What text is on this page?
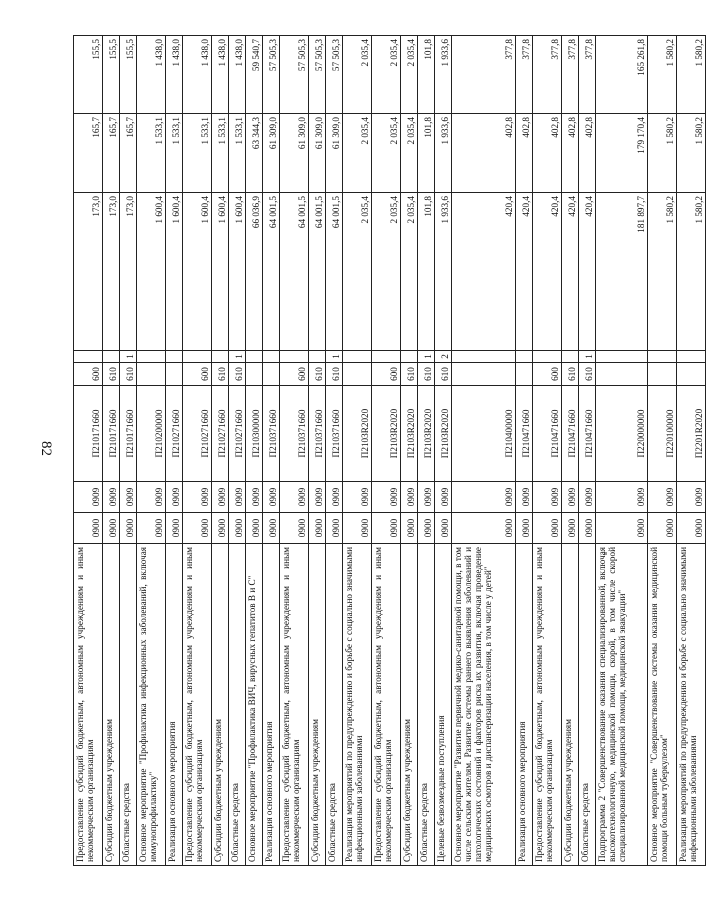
82
Предоставление субсидий бюджетным, автономным учреждениям и иным некоммерческим организациям	0900	0909	П210171660	600		173,0	165,7	155,5
Субсидии бюджетным учреждениям	0900	0909	П210171660	610		173,0	165,7	155,5
Областные средства	0900	0909	П210171660	610	1	173,0	165,7	155,5
Основное мероприятие "Профилактика инфекционных заболеваний, включая иммунопрофилактику"	0900	0909	П210200000			1 600,4	1 533,1	1 438,0
Реализация основного мероприятия	0900	0909	П210271660			1 600,4	1 533,1	1 438,0
Предоставление субсидий бюджетным, автономным учреждениям и иным некоммерческим организациям	0900	0909	П210271660	600		1 600,4	1 533,1	1 438,0
Субсидии бюджетным учреждениям	0900	0909	П210271660	610		1 600,4	1 533,1	1 438,0
Областные средства	0900	0909	П210271660	610	1	1 600,4	1 533,1	1 438,0
Основное мероприятие "Профилактика ВИЧ, вирусных гепатитов В и С"	0900	0909	П210300000			66 036,9	63 344,3	59 540,7
Реализация основного мероприятия	0900	0909	П210371660			64 001,5	61 309,0	57 505,3
Предоставление субсидий бюджетным, автономным учреждениям и иным некоммерческим организациям	0900	0909	П210371660	600		64 001,5	61 309,0	57 505,3
Субсидии бюджетным учреждениям	0900	0909	П210371660	610		64 001,5	61 309,0	57 505,3
Областные средства	0900	0909	П210371660	610	1	64 001,5	61 309,0	57 505,3
Реализация мероприятий по предупреждению и борьбе с социально значимыми инфекционными заболеваниями	0900	0909	П2103R2020			2 035,4	2 035,4	2 035,4
Предоставление субсидий бюджетным, автономным учреждениям и иным некоммерческим организациям	0900	0909	П2103R2020	600		2 035,4	2 035,4	2 035,4
Субсидии бюджетным учреждениям	0900	0909	П2103R2020	610		2 035,4	2 035,4	2 035,4
Областные средства	0900	0909	П2103R2020	610	1	101,8	101,8	101,8
Целевые безвозмездные поступления	0900	0909	П2103R2020	610	2	1 933,6	1 933,6	1 933,6
Основное мероприятие "Развитие первичной медико-санитарной помощи, в том числе сельским жителям. Развитие системы раннего выявления заболеваний и патологических состояний и факторов риска их развития, включая проведение медицинских осмотров и диспансеризации населения, в том числе у детей"	0900	0909	П210400000			420,4	402,8	377,8
Реализация основного мероприятия	0900	0909	П210471660			420,4	402,8	377,8
Предоставление субсидий бюджетным, автономным учреждениям и иным некоммерческим организациям	0900	0909	П210471660	600		420,4	402,8	377,8
Субсидии бюджетным учреждениям	0900	0909	П210471660	610		420,4	402,8	377,8
Областные средства	0900	0909	П210471660	610	1	420,4	402,8	377,8
Подпрограмма 2 "Совершенствование оказания специализированной, включая высокотехнологичную, медицинской помощи, скорой, в том числе скорой специализированной медицинской помощи, медицинской эвакуации"	0900	0909	П220000000			181 897,7	179 170,4	165 261,8
Основное мероприятие "Совершенствование системы оказания медицинской помощи больным туберкулезом"	0900	0909	П220100000			1 580,2	1 580,2	1 580,2
Реализация мероприятий по предупреждению и борьбе с социально значимыми инфекционными заболеваниями	0900	0909	П2201R2020			1 580,2	1 580,2	1 580,2
